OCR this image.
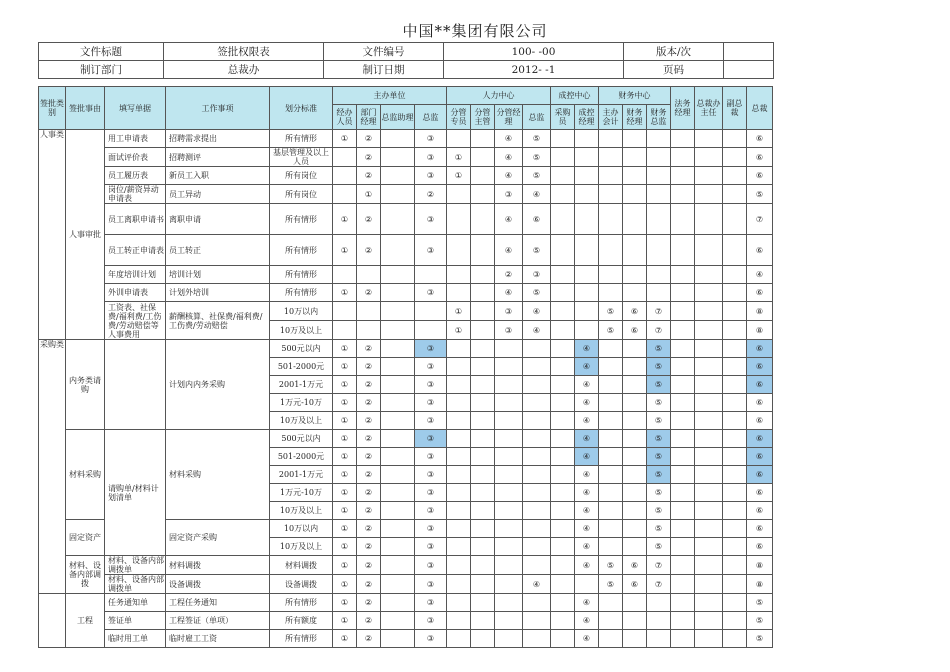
中国**集团有限公司
文件标题	签批权限表	文件编号	100- -00	版本/次	
制订部门	总裁办	制订日期	2012- -1	页码	
签批类别	签批事由	填写单据	工作事项	划分标准	主办单位				人力中心				成控中心		财务中心			法务经理	总裁办主任	副总裁	总裁	
					经办人员	部门经理	总监助理	总监	分管专员	分管主管	分管经理	总监	采购员	成控经理	主办会计	财务经理	财务总监					
人事类	人事审批	用工申请表	招聘需求提出	所有情形	①	②		③			④	⑤									⑥	
		面试评价表	招聘测评	基层管理及以上人员		②		③	①		④	⑤									⑥	
		员工履历表	新员工入职	所有岗位		②		③	①		④	⑤									⑥	
		岗位/薪资异动申请表	员工异动	所有岗位		①		②			③	④									⑤	
		员工离职申请书	离职申请	所有情形	①	②		③			④	⑥									⑦	
		员工转正申请表	员工转正	所有情形	①	②		③			④	⑤									⑥	
		年度培训计划	培训计划	所有情形							②	③									④	
		外训申请表	计划外培训	所有情形	①	②		③			④	⑤									⑥	
		工资表、社保费/福利费/工伤费/劳动赔偿等人事费用	薪酬核算、社保费/福利费/工伤费/劳动赔偿	10万以内					①		③	④			⑤	⑥	⑦				⑧	
				10万及以上					①		③	④			⑤	⑥	⑦				⑧	
采购类	内务类请购		计划内内务采购	500元以内	①	②		③						④			⑤				⑥	
				501-2000元	①	②		③						④			⑤				⑥	
				2001-1万元	①	②		③						④			⑤				⑥	
				1万元-10万	①	②		③						④			⑤				⑥	
				10万及以上	①	②		③						④			⑤				⑥	
	材料采购	请购单/材料计划清单	材料采购	500元以内	①	②		③						④			⑤				⑥	
				501-2000元	①	②		③						④			⑤				⑥	
				2001-1万元	①	②		③						④			⑤				⑥	
				1万元-10万	①	②		③						④			⑤				⑥	
				10万及以上	①	②		③						④			⑤				⑥	
	固定资产		固定资产采购	10万以内	①	②		③						④			⑤				⑥	
				10万及以上	①	②		③						④			⑤				⑥	
	材料、设备内部调拨	材料、设备内部调拨单	材料调拨	材料调拨	①	②		③						④	⑤	⑥	⑦				⑧	
		材料、设备内部调拨单	设备调拨	设备调拨	①	②		③				④			⑤	⑥	⑦				⑧	
	工程	任务通知单	工程任务通知	所有情形	①	②		③						④							⑤	
		签证单	工程签证（单项）	所有额度	①	②		③						④							⑤	
		临时用工单	临时雇工工资	所有情形	①	②		③						④							⑤	
